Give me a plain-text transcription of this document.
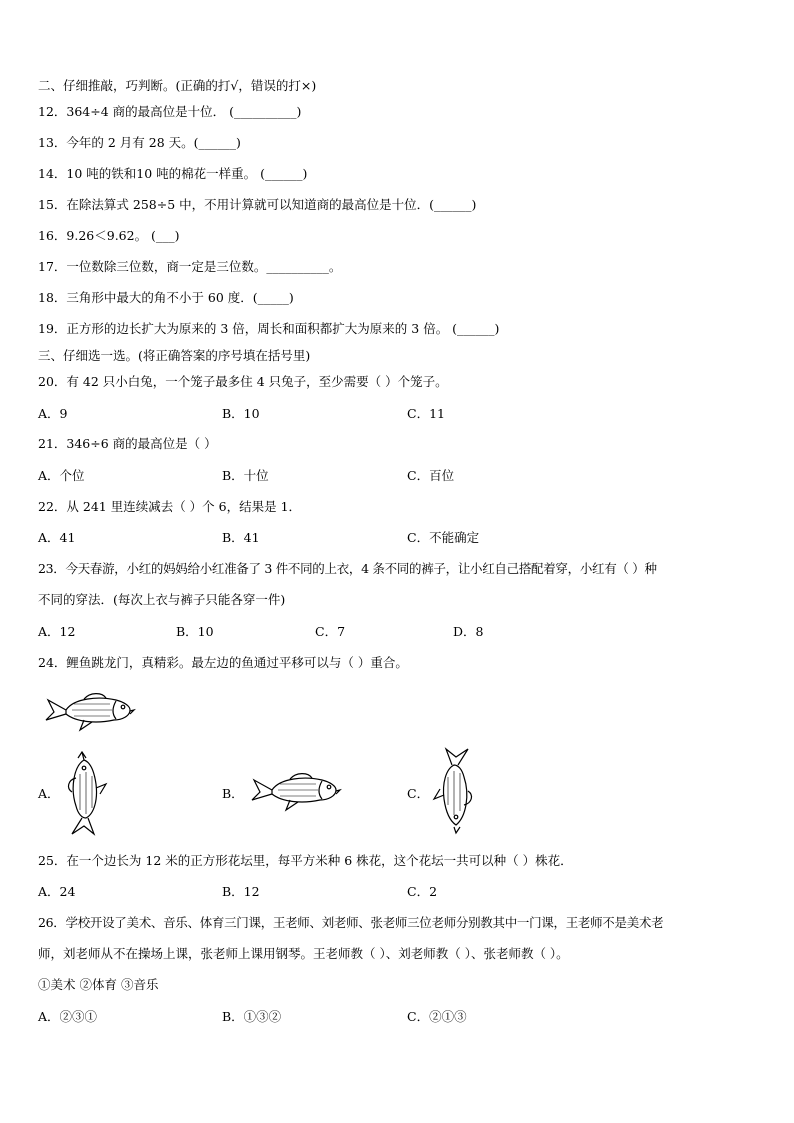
二、仔细推敲，巧判断。(正确的打√，错误的打×)
12．364÷4 商的最高位是十位． (__________)
13．今年的 2 月有 28 天。(______)
14．10 吨的铁和10 吨的棉花一样重。 (______)
15．在除法算式 258÷5 中，不用计算就可以知道商的最高位是十位．(______)
16．9.26＜9.62。 (___)
17．一位数除三位数，商一定是三位数。__________。
18．三角形中最大的角不小于 60 度．(_____)
19．正方形的边长扩大为原来的 3 倍，周长和面积都扩大为原来的 3 倍。 (______)
三、仔细选一选。(将正确答案的序号填在括号里)
20．有 42 只小白兔，一个笼子最多住 4 只兔子，至少需要（ ）个笼子。
A．9	B．10	C．11
21．346÷6 商的最高位是（ ）
A．个位	B．十位	C．百位
22．从 241 里连续减去（ ）个 6，结果是 1．
A．41	B．41	C．不能确定
23．今天春游，小红的妈妈给小红准备了 3 件不同的上衣，4 条不同的裤子，让小红自己搭配着穿，小红有（ ）种
不同的穿法．(每次上衣与裤子只能各穿一件)
A．12	B．10	C．7	D．8
24．鲤鱼跳龙门，真精彩。最左边的鱼通过平移可以与（ ）重合。
A．	B．	C．
25．在一个边长为 12 米的正方形花坛里，每平方米种 6 株花，这个花坛一共可以种（ ）株花．
A．24	B．12	C．2
26．学校开设了美术、音乐、体育三门课，王老师、刘老师、张老师三位老师分别教其中一门课，王老师不是美术老
师，刘老师从不在操场上课，张老师上课用钢琴。王老师教（ ）、刘老师教（ ）、张老师教（ ）。
①美术 ②体育 ③音乐
A．②③①	B．①③②	C．②①③
